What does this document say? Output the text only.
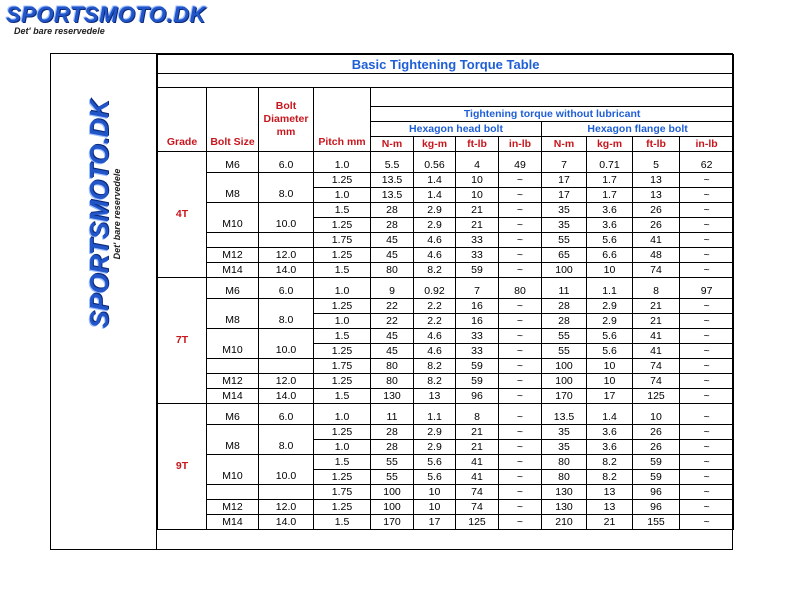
SPORTSMOTO.DK
Det' bare reservedele
SPORTSMOTO.DK
Det' bare reservedele
Basic Tightening Torque Table											

Grade	Bolt Size	Bolt Diameter mm	Pitch mm								
				Tightening torque without lubricant							
				Hexagon head bolt				Hexagon flange bolt			
				N-m	kg-m	ft-lb	in-lb	N-m	kg-m	ft-lb	in-lb
4T											
	M6	6.0	1.0	5.5	0.56	4	49	7	0.71	5	62
			1.25	13.5	1.4	10	~	17	1.7	13	~
	M8	8.0	1.0	13.5	1.4	10	~	17	1.7	13	~
			1.5	28	2.9	21	~	35	3.6	26	~
	M10	10.0	1.25	28	2.9	21	~	35	3.6	26	~
			1.75	45	4.6	33	~	55	5.6	41	~
	M12	12.0	1.25	45	4.6	33	~	65	6.6	48	~
	M14	14.0	1.5	80	8.2	59	~	100	10	74	~
7T											
	M6	6.0	1.0	9	0.92	7	80	11	1.1	8	97
			1.25	22	2.2	16	~	28	2.9	21	~
	M8	8.0	1.0	22	2.2	16	~	28	2.9	21	~
			1.5	45	4.6	33	~	55	5.6	41	~
	M10	10.0	1.25	45	4.6	33	~	55	5.6	41	~
			1.75	80	8.2	59	~	100	10	74	~
	M12	12.0	1.25	80	8.2	59	~	100	10	74	~
	M14	14.0	1.5	130	13	96	~	170	17	125	~
9T											
	M6	6.0	1.0	11	1.1	8	~	13.5	1.4	10	~
			1.25	28	2.9	21	~	35	3.6	26	~
	M8	8.0	1.0	28	2.9	21	~	35	3.6	26	~
			1.5	55	5.6	41	~	80	8.2	59	~
	M10	10.0	1.25	55	5.6	41	~	80	8.2	59	~
			1.75	100	10	74	~	130	13	96	~
	M12	12.0	1.25	100	10	74	~	130	13	96	~
	M14	14.0	1.5	170	17	125	~	210	21	155	~
